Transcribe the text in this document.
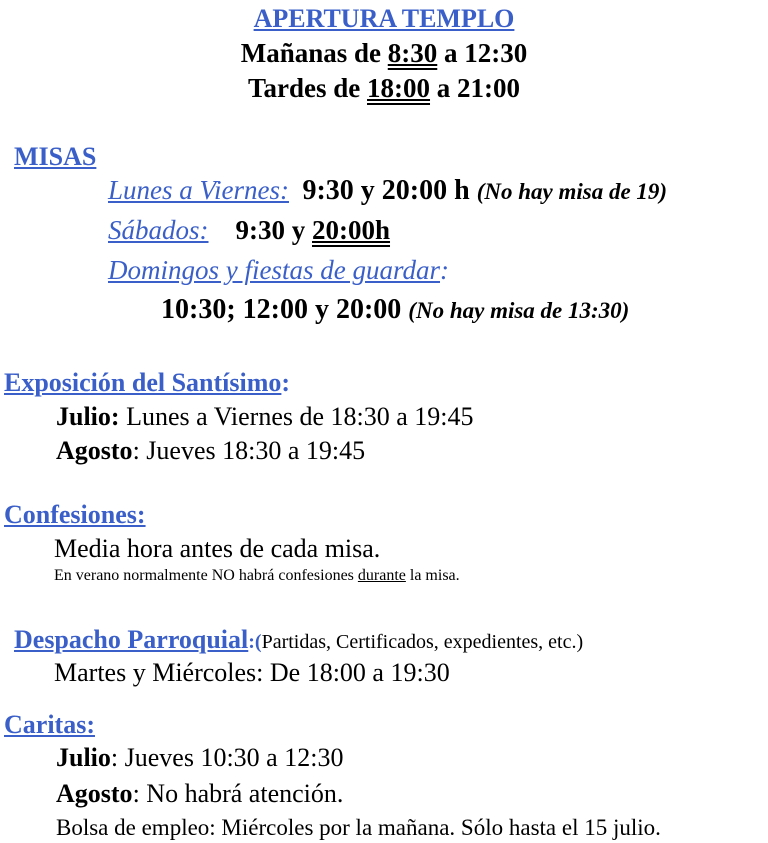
APERTURA TEMPLO
Mañanas de 8:30 a 12:30
Tardes de 18:00 a 21:00
MISAS
Lunes a Viernes: 9:30 y 20:00 h (No hay misa de 19)
Sábados: 9:30 y 20:00h
Domingos y fiestas de guardar:
10:30; 12:00 y 20:00 (No hay misa de 13:30)
Exposición del Santísimo:
Julio: Lunes a Viernes de 18:30 a 19:45
Agosto: Jueves 18:30 a 19:45
Confesiones:
Media hora antes de cada misa.
En verano normalmente NO habrá confesiones durante la misa.
Despacho Parroquial:(Partidas, Certificados, expedientes, etc.)
Martes y Miércoles: De 18:00 a 19:30
Caritas:
Julio: Jueves 10:30 a 12:30
Agosto: No habrá atención.
Bolsa de empleo: Miércoles por la mañana. Sólo hasta el 15 julio.
